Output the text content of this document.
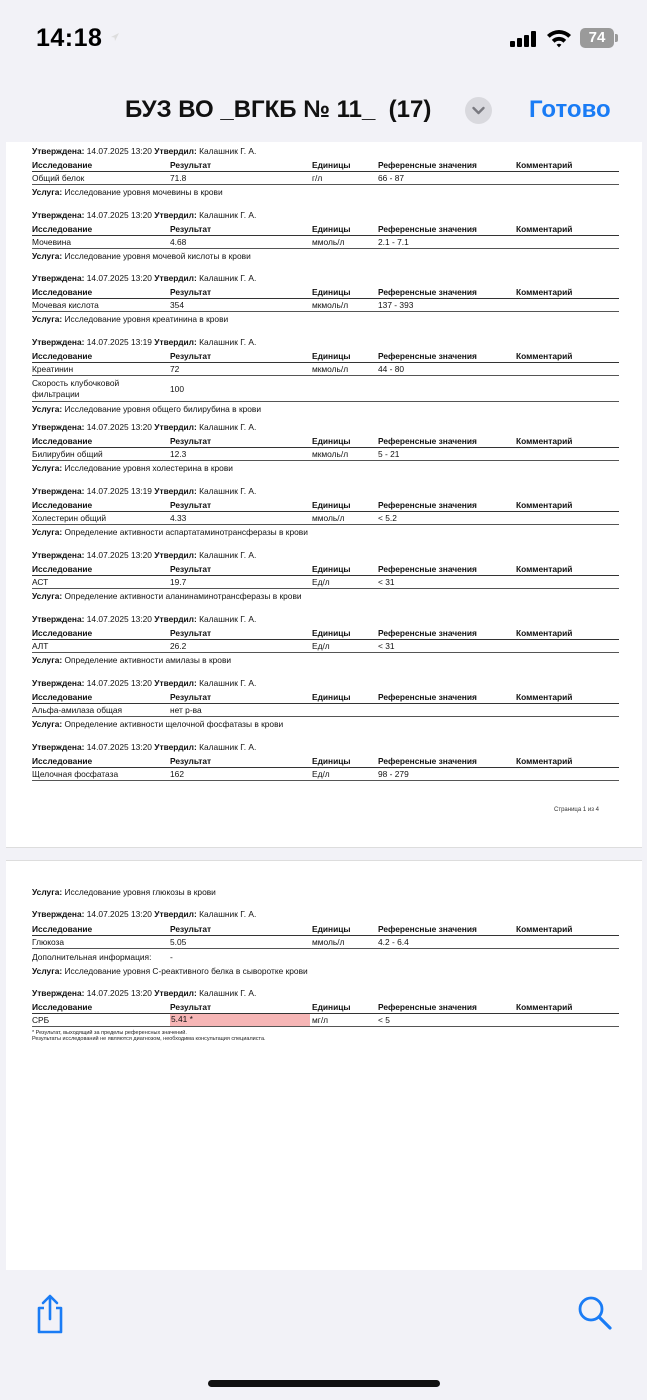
14:18	74
БУЗ ВО _ВГКБ № 11_  (17)	Готово
Страница 1 из 4
Утверждена: 14.07.2025 13:20 Утвердил: Калашник Г. А.
Исследование	Результат	Единицы	Референсные значения	Комментарий
Общий белок	71.8	г/л	66 - 87
Услуга: Исследование уровня мочевины в крови
Утверждена: 14.07.2025 13:20 Утвердил: Калашник Г. А.
Исследование	Результат	Единицы	Референсные значения	Комментарий
Мочевина	4.68	ммоль/л	2.1 - 7.1
Услуга: Исследование уровня мочевой кислоты в крови
Утверждена: 14.07.2025 13:20 Утвердил: Калашник Г. А.
Исследование	Результат	Единицы	Референсные значения	Комментарий
Мочевая кислота	354	мкмоль/л	137 - 393
Услуга: Исследование уровня креатинина в крови
Утверждена: 14.07.2025 13:19 Утвердил: Калашник Г. А.
Исследование	Результат	Единицы	Референсные значения	Комментарий
Креатинин	72	мкмоль/л	44 - 80
Скорость клубочковой фильтрации	100
Услуга: Исследование уровня общего билирубина в крови
Утверждена: 14.07.2025 13:20 Утвердил: Калашник Г. А.
Исследование	Результат	Единицы	Референсные значения	Комментарий
Билирубин общий	12.3	мкмоль/л	5 - 21
Услуга: Исследование уровня холестерина в крови
Утверждена: 14.07.2025 13:19 Утвердил: Калашник Г. А.
Исследование	Результат	Единицы	Референсные значения	Комментарий
Холестерин общий	4.33	ммоль/л	< 5.2
Услуга: Определение активности аспартатаминотрансферазы в крови
Утверждена: 14.07.2025 13:20 Утвердил: Калашник Г. А.
Исследование	Результат	Единицы	Референсные значения	Комментарий
АСТ	19.7	Ед/л	< 31
Услуга: Определение активности аланинаминотрансферазы в крови
Утверждена: 14.07.2025 13:20 Утвердил: Калашник Г. А.
Исследование	Результат	Единицы	Референсные значения	Комментарий
АЛТ	26.2	Ед/л	< 31
Услуга: Определение активности амилазы в крови
Утверждена: 14.07.2025 13:20 Утвердил: Калашник Г. А.
Исследование	Результат	Единицы	Референсные значения	Комментарий
Альфа-амилаза общая	нет р-ва
Услуга: Определение активности щелочной фосфатазы в крови
Утверждена: 14.07.2025 13:20 Утвердил: Калашник Г. А.
Исследование	Результат	Единицы	Референсные значения	Комментарий
Щелочная фосфатаза	162	Ед/л	98 - 279
Услуга: Исследование уровня глюкозы в крови
Утверждена: 14.07.2025 13:20 Утвердил: Калашник Г. А.
Исследование	Результат	Единицы	Референсные значения	Комментарий
Глюкоза	5.05	ммоль/л	4.2 - 6.4
Дополнительная информация:	-
Услуга: Исследование уровня С-реактивного белка в сыворотке крови
Утверждена: 14.07.2025 13:20 Утвердил: Калашник Г. А.
Исследование	Результат	Единицы	Референсные значения	Комментарий
СРБ	5.41 *	мг/л	< 5
* Результат, выходящий за пределы референсных значений.
Результаты исследований не являются диагнозом, необходима консультация специалиста.
